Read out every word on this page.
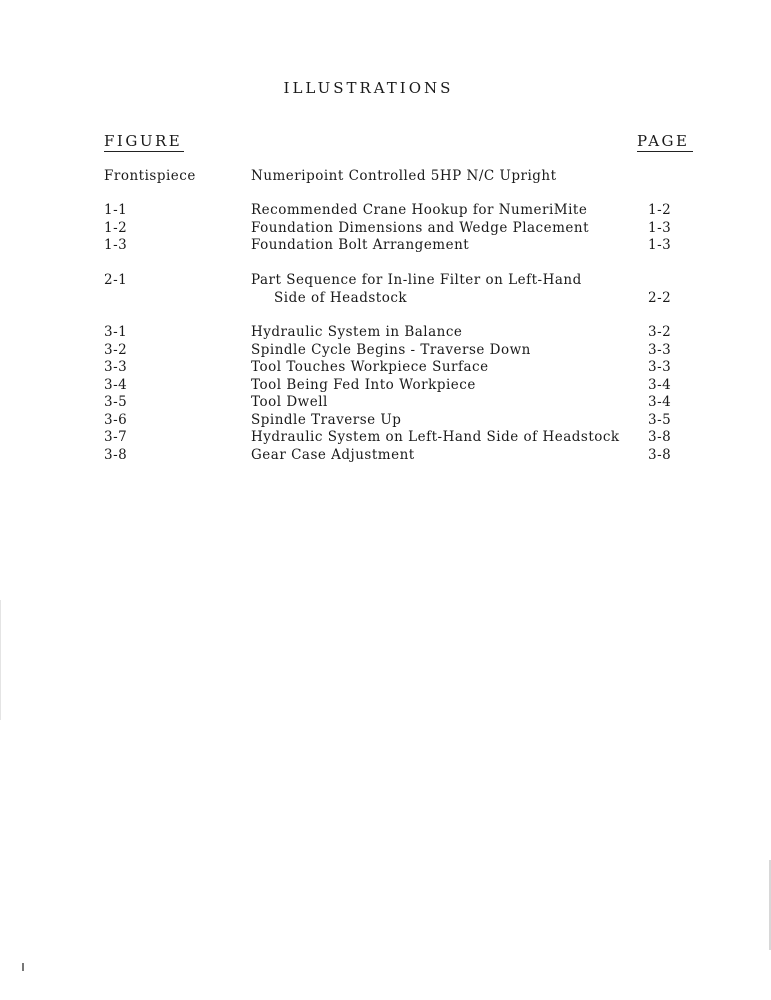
ILLUSTRATIONS
FIGURE	PAGE
Frontispiece	Numeripoint Controlled 5HP N/C Upright
1-1	Recommended Crane Hookup for NumeriMite	1-2
1-2	Foundation Dimensions and Wedge Placement	1-3
1-3	Foundation Bolt Arrangement	1-3
2-1	Part Sequence for In-line Filter on Left-Hand
Side of Headstock	2-2
3-1	Hydraulic System in Balance	3-2
3-2	Spindle Cycle Begins - Traverse Down	3-3
3-3	Tool Touches Workpiece Surface	3-3
3-4	Tool Being Fed Into Workpiece	3-4
3-5	Tool Dwell	3-4
3-6	Spindle Traverse Up	3-5
3-7	Hydraulic System on Left-Hand Side of Headstock 3-8
3-8	Gear Case Adjustment	3-8
